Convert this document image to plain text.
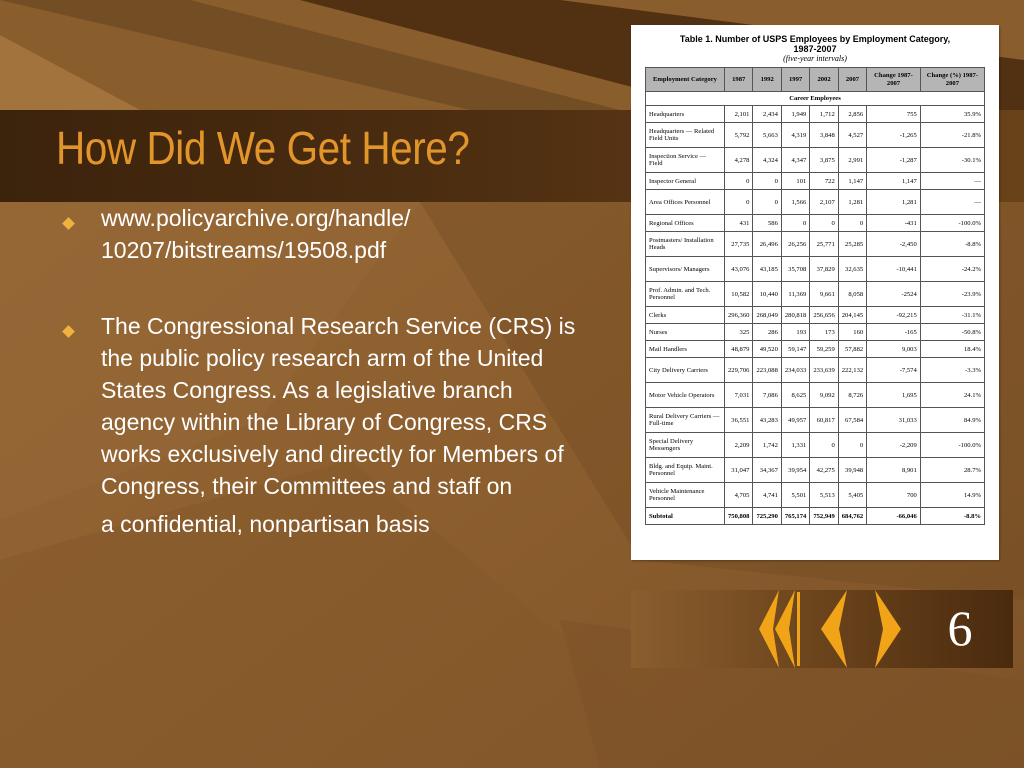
How Did We Get Here?
www.policyarchive.org/handle/ 10207/bitstreams/19508.pdf
The Congressional Research Service (CRS) is the public policy research arm of the United States Congress. As a legislative branch agency within the Library of Congress, CRS works exclusively and directly for Members of Congress, their Committees and staff on
a confidential, nonpartisan basis
Table 1. Number of USPS Employees by Employment Category,
1987-2007
(five-year intervals)
Employment Category	1987	1992	1997	2002	2007	Change 1987-2007	Change (%) 1987-2007
Career Employees							
Headquarters	2,101	2,434	1,949	1,712	2,856	755	35.9%
Headquarters — Related Field Units	5,792	5,663	4,319	3,848	4,527	-1,265	-21.8%
Inspection Service — Field	4,278	4,324	4,347	3,875	2,991	-1,287	-30.1%
Inspector General	0	0	101	722	1,147	1,147	—
Area Offices Personnel	0	0	1,566	2,107	1,281	1,281	—
Regional Offices	431	586	0	0	0	-431	-100.0%
Postmasters/ Installation Heads	27,735	26,496	26,256	25,771	25,285	-2,450	-8.8%
Supervisors/ Managers	43,076	43,185	35,708	37,829	32,635	-10,441	-24.2%
Prof. Admin. and Tech. Personnel	10,582	10,440	11,369	9,661	8,058	-2524	-23.9%
Clerks	296,360	268,049	280,818	256,656	204,145	-92,215	-31.1%
Nurses	325	286	193	173	160	-165	-50.8%
Mail Handlers	48,879	49,520	59,147	59,259	57,882	9,003	18.4%
City Delivery Carriers	229,706	223,088	234,033	233,639	222,132	-7,574	-3.3%
Motor Vehicle Operators	7,031	7,086	8,625	9,092	8,726	1,695	24.1%
Rural Delivery Carriers — Full-time	36,551	43,283	49,957	60,817	67,584	31,033	84.9%
Special Delivery Messengers	2,209	1,742	1,331	0	0	-2,209	-100.0%
Bldg. and Equip. Maint. Personnel	31,047	34,367	39,954	42,275	39,948	8,901	28.7%
Vehicle Maintenance Personnel	4,705	4,741	5,501	5,513	5,405	700	14.9%
Subtotal	750,808	725,290	765,174	752,949	684,762	-66,046	-8.8%
6
